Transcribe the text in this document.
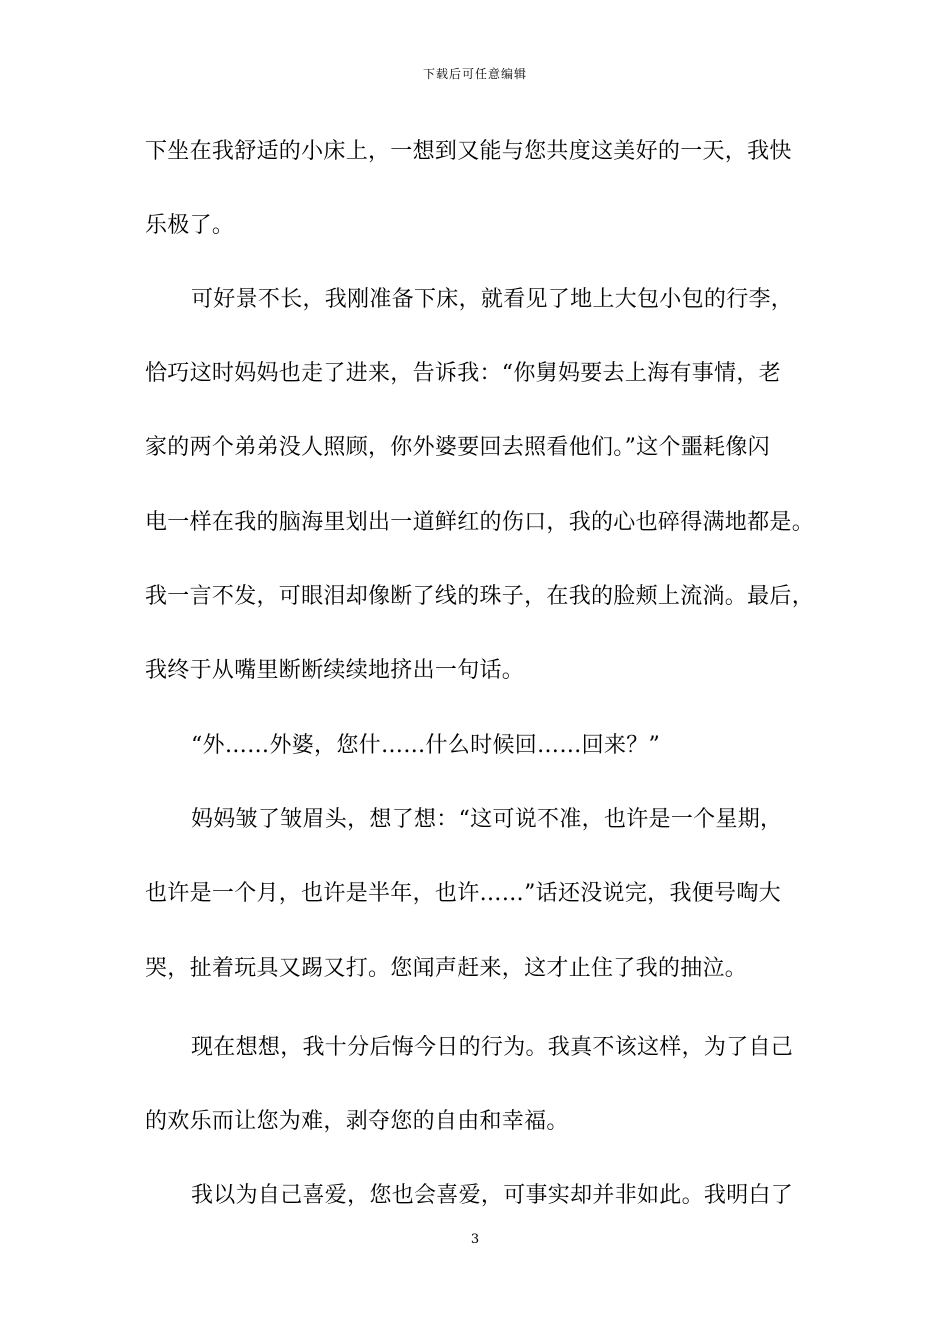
下载后可任意编辑
下坐在我舒适的小床上，一想到又能与您共度这美好的一天，我快
乐极了。
可好景不长，我刚准备下床，就看见了地上大包小包的行李，
恰巧这时妈妈也走了进来，告诉我：“你舅妈要去上海有事情，老
家的两个弟弟没人照顾，你外婆要回去照看他们。”这个噩耗像闪
电一样在我的脑海里划出一道鲜红的伤口，我的心也碎得满地都是。
我一言不发，可眼泪却像断了线的珠子，在我的脸颊上流淌。最后，
我终于从嘴里断断续续地挤出一句话。
“外……外婆，您什……什么时候回……回来？”
妈妈皱了皱眉头，想了想：“这可说不准，也许是一个星期，
也许是一个月，也许是半年，也许……”话还没说完，我便号啕大
哭，扯着玩具又踢又打。您闻声赶来，这才止住了我的抽泣。
现在想想，我十分后悔今日的行为。我真不该这样，为了自己
的欢乐而让您为难，剥夺您的自由和幸福。
我以为自己喜爱，您也会喜爱，可事实却并非如此。我明白了
3
